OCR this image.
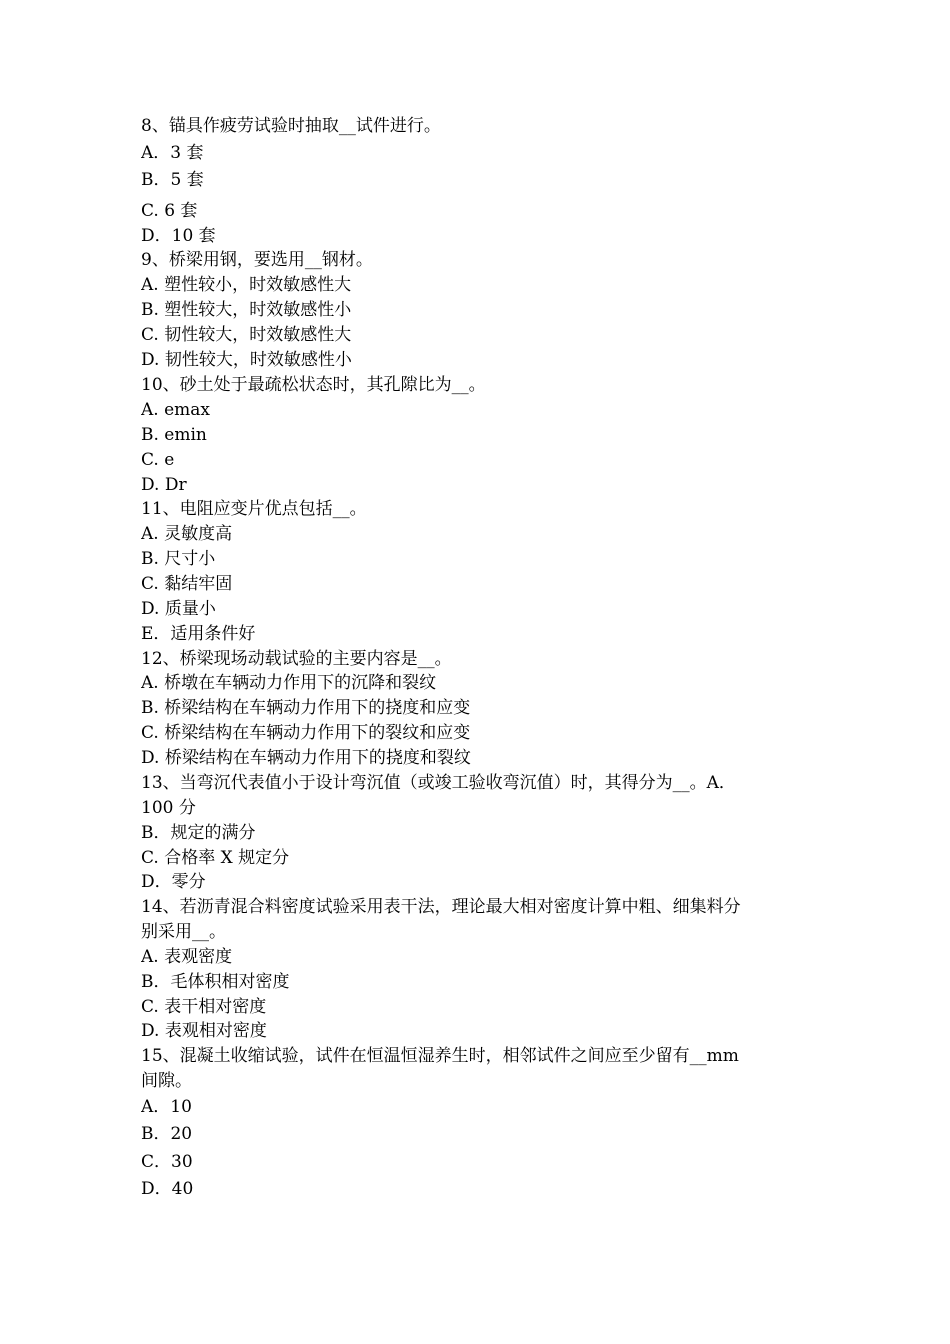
8、锚具作疲劳试验时抽取__试件进行。
A．3 套
B．5 套
C. 6 套
D．10 套
9、桥梁用钢，要选用__钢材。
A. 塑性较小，时效敏感性大
B. 塑性较大，时效敏感性小
C. 韧性较大，时效敏感性大
D. 韧性较大，时效敏感性小
10、砂土处于最疏松状态时，其孔隙比为__。
A. emax
B. emin
C. e
D. Dr
11、电阻应变片优点包括__。
A. 灵敏度高
B. 尺寸小
C. 黏结牢固
D. 质量小
E．适用条件好
12、桥梁现场动载试验的主要内容是__。
A. 桥墩在车辆动力作用下的沉降和裂纹
B. 桥梁结构在车辆动力作用下的挠度和应变
C. 桥梁结构在车辆动力作用下的裂纹和应变
D. 桥梁结构在车辆动力作用下的挠度和裂纹
13、当弯沉代表值小于设计弯沉值（或竣工验收弯沉值）时，其得分为__。A．
100 分
B．规定的满分
C. 合格率 X 规定分
D．零分
14、若沥青混合料密度试验采用表干法，理论最大相对密度计算中粗、细集料分
别采用__。
A. 表观密度
B．毛体积相对密度
C. 表干相对密度
D. 表观相对密度
15、混凝土收缩试验，试件在恒温恒湿养生时，相邻试件之间应至少留有__mm
间隙。
A．10
B．20
C．30
D．40
